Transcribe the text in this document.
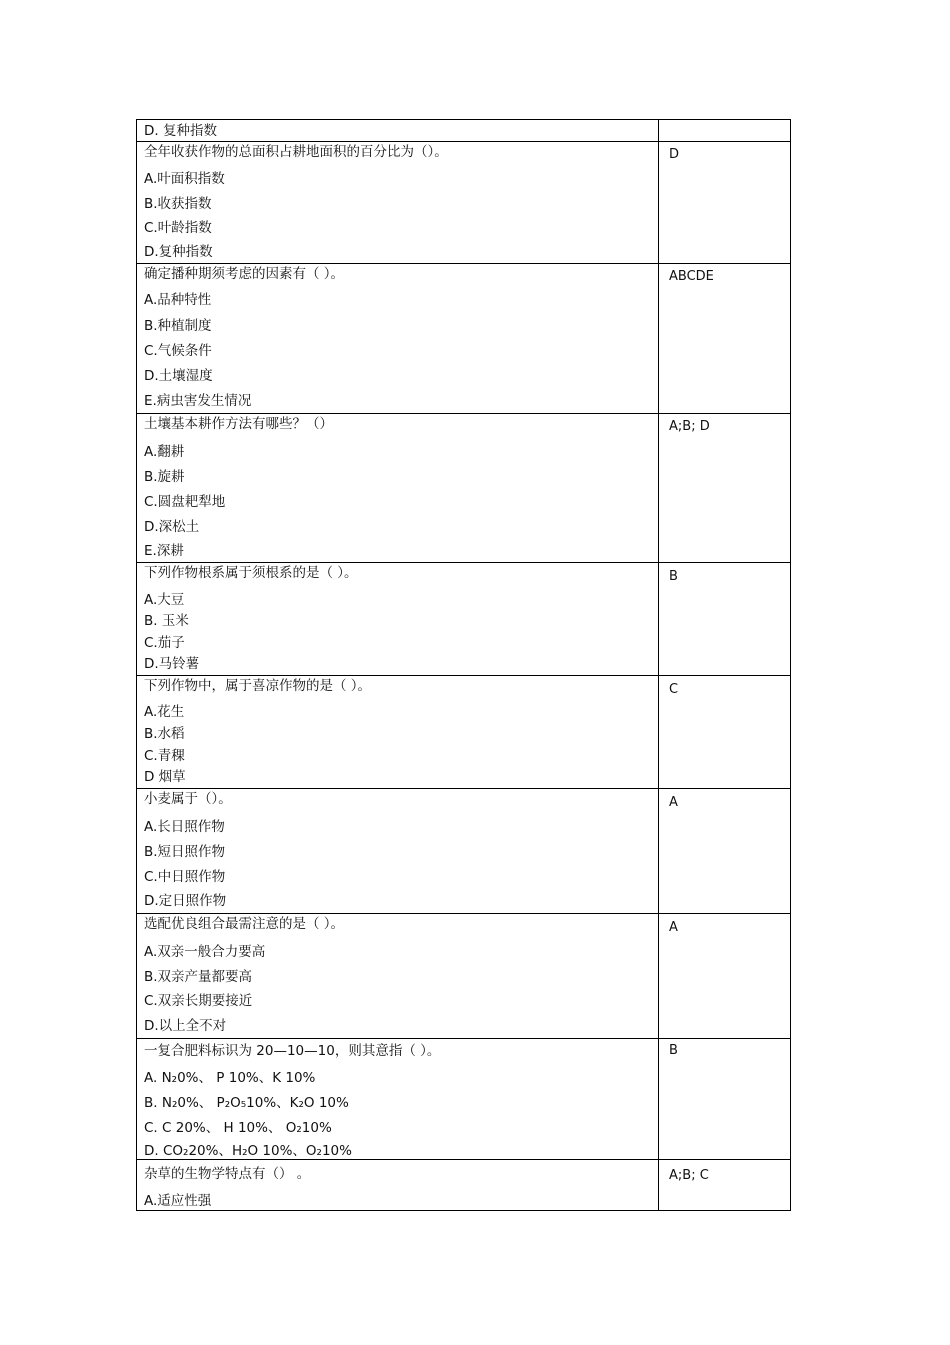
D. 复种指数
全年收获作物的总面积占耕地面积的百分比为（）。
A.叶面积指数
B.收获指数
C.叶龄指数
D.复种指数
D
确定播种期须考虑的因素有（ ）。
A.品种特性
B.种植制度
C.气候条件
D.土壤湿度
E.病虫害发生情况
ABCDE
土壤基本耕作方法有哪些？（）
A.翻耕
B.旋耕
C.圆盘耙犁地
D.深松土
E.深耕
A;B; D
下列作物根系属于须根系的是（ ）。
A.大豆
B. 玉米
C.茄子
D.马铃薯
B
下列作物中，属于喜凉作物的是（ ）。
A.花生
B.水稻
C.青稞
D 烟草
C
小麦属于（）。
A.长日照作物
B.短日照作物
C.中日照作物
D.定日照作物
A
选配优良组合最需注意的是（ ）。
A.双亲一般合力要高
B.双亲产量都要高
C.双亲长期要接近
D.以上全不对
A
一复合肥料标识为 20—10—10，则其意指（ ）。
A. N₂0%、 P 10%、K 10%
B. N₂0%、 P₂O₅10%、K₂O 10%
C. C 20%、 H 10%、 O₂10%
D. CO₂20%、H₂O 10%、O₂10%
B
杂草的生物学特点有（） 。
A.适应性强
A;B; C
